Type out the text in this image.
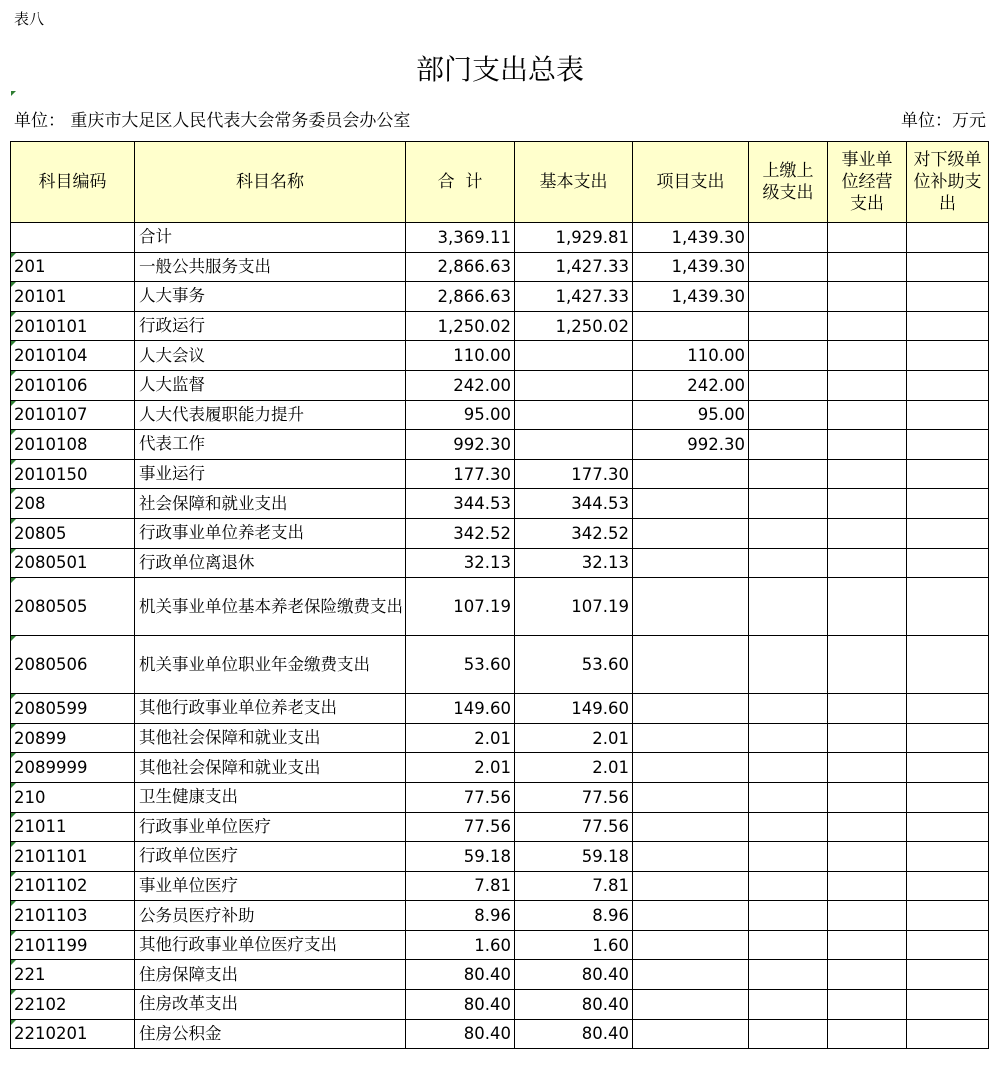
表八
部门支出总表
单位： 重庆市大足区人民代表大会常务委员会办公室	单位：万元
科目编码	科目名称	合  计	基本支出	项目支出	上缴上级支出	事业单位经营支出	对下级单位补助支出
	合计	3,369.11	1,929.81	1,439.30			
201	一般公共服务支出	2,866.63	1,427.33	1,439.30			
20101	人大事务	2,866.63	1,427.33	1,439.30			
2010101	行政运行	1,250.02	1,250.02				
2010104	人大会议	110.00		110.00			
2010106	人大监督	242.00		242.00			
2010107	人大代表履职能力提升	95.00		95.00			
2010108	代表工作	992.30		992.30			
2010150	事业运行	177.30	177.30				
208	社会保障和就业支出	344.53	344.53				
20805	行政事业单位养老支出	342.52	342.52				
2080501	行政单位离退休	32.13	32.13				
2080505	机关事业单位基本养老保险缴费支出	107.19	107.19				
2080506	机关事业单位职业年金缴费支出	53.60	53.60				
2080599	其他行政事业单位养老支出	149.60	149.60				
20899	其他社会保障和就业支出	2.01	2.01				
2089999	其他社会保障和就业支出	2.01	2.01				
210	卫生健康支出	77.56	77.56				
21011	行政事业单位医疗	77.56	77.56				
2101101	行政单位医疗	59.18	59.18				
2101102	事业单位医疗	7.81	7.81				
2101103	公务员医疗补助	8.96	8.96				
2101199	其他行政事业单位医疗支出	1.60	1.60				
221	住房保障支出	80.40	80.40				
22102	住房改革支出	80.40	80.40				
2210201	住房公积金	80.40	80.40				
